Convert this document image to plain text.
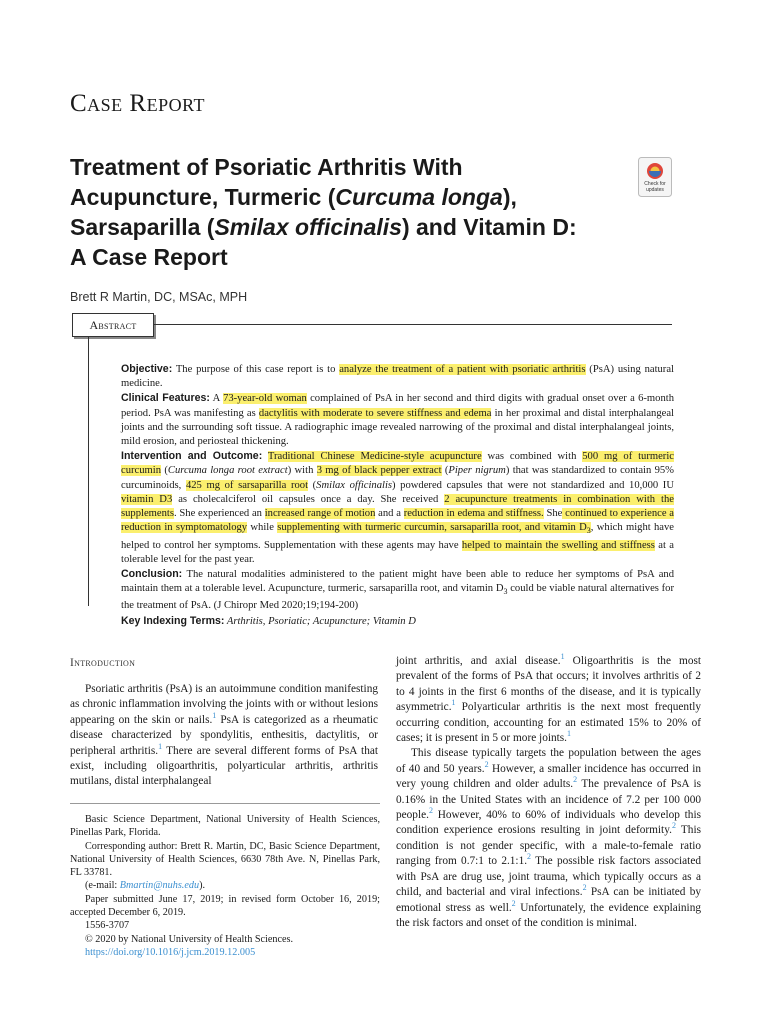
Case Report
Treatment of Psoriatic Arthritis With
Acupuncture, Turmeric (Curcuma longa),
Sarsaparilla (Smilax officinalis) and Vitamin D:
A Case Report
Check for updates
Brett R Martin, DC, MSAc, MPH
Abstract

Objective: The purpose of this case report is to analyze the treatment of a patient with psoriatic arthritis (PsA) using natural medicine.

Clinical Features: A 73-year-old woman complained of PsA in her second and third digits with gradual onset over a 6-month period. PsA was manifesting as dactylitis with moderate to severe stiffness and edema in her proximal and distal interphalangeal joints and the surrounding soft tissue. A radiographic image revealed narrowing of the proximal and distal interphalangeal joints, mild erosion, and periosteal thickening.

Intervention and Outcome: Traditional Chinese Medicine-style acupuncture was combined with 500 mg of turmeric curcumin (Curcuma longa root extract) with 3 mg of black pepper extract (Piper nigrum) that was standardized to contain 95% curcuminoids, 425 mg of sarsaparilla root (Smilax officinalis) powdered capsules that were not standardized and 10,000 IU vitamin D3 as cholecalciferol oil capsules once a day. She received 2 acupuncture treatments in combination with the supplements. She experienced an increased range of motion and a reduction in edema and stiffness. She continued to experience a reduction in symptomatology while supplementing with turmeric curcumin, sarsaparilla root, and vitamin $D_3$, which might have helped to control her symptoms. Supplementation with these agents may have helped to maintain the swelling and stiffness at a tolerable level for the past year.

Conclusion: The natural modalities administered to the patient might have been able to reduce her symptoms of PsA and maintain them at a tolerable level. Acupuncture, turmeric, sarsaparilla root, and vitamin $D_3$ could be viable natural alternatives for the treatment of PsA. (J Chiropr Med 2020;19;194-200)

Key Indexing Terms: Arthritis, Psoriatic; Acupuncture; Vitamin D

Introduction

Psoriatic arthritis (PsA) is an autoimmune condition manifesting as chronic inflammation involving the joints with or without lesions appearing on the skin or nails.$^1$ PsA is categorized as a rheumatic disease characterized by spondylitis, enthesitis, dactylitis, or peripheral arthritis.$^1$ There are several different forms of PsA that exist, including oligoarthritis, polyarticular arthritis, arthritis mutilans, distal interphalangeal

joint arthritis, and axial disease.$^1$ Oligoarthritis is the most prevalent of the forms of PsA that occurs; it involves arthritis of 2 to 4 joints in the first 6 months of the disease, and it is typically asymmetric.$^1$ Polyarticular arthritis is the next most frequently occurring condition, accounting for an estimated 15% to 20% of cases; it is present in 5 or more joints.$^1$

This disease typically targets the population between the ages of 40 and 50 years.$^2$ However, a smaller incidence has occurred in very young children and older adults.$^2$ The prevalence of PsA is 0.16% in the United States with an incidence of 7.2 per 100 000 people.$^2$ However, 40% to 60% of individuals who develop this condition experience erosions resulting in joint deformity.$^2$ This condition is not gender specific, with a male-to-female ratio ranging from 0.7:1 to 2.1:1.$^2$ The possible risk factors associated with PsA are drug use, joint trauma, which typically occurs as a child, and bacterial and viral infections.$^2$ PsA can be initiated by emotional stress as well.$^2$ Unfortunately, the evidence explaining the risk factors and onset of the condition is minimal.

Basic Science Department, National University of Health Sciences, Pinellas Park, Florida.
Corresponding author: Brett R. Martin, DC, Basic Science Department, National University of Health Sciences, 6630 78th Ave. N, Pinellas Park, FL 33781.
(e-mail: Bmartin@nuhs.edu).
Paper submitted June 17, 2019; in revised form October 16, 2019; accepted December 6, 2019.
1556-3707
© 2020 by National University of Health Sciences.
https://doi.org/10.1016/j.jcm.2019.12.005
